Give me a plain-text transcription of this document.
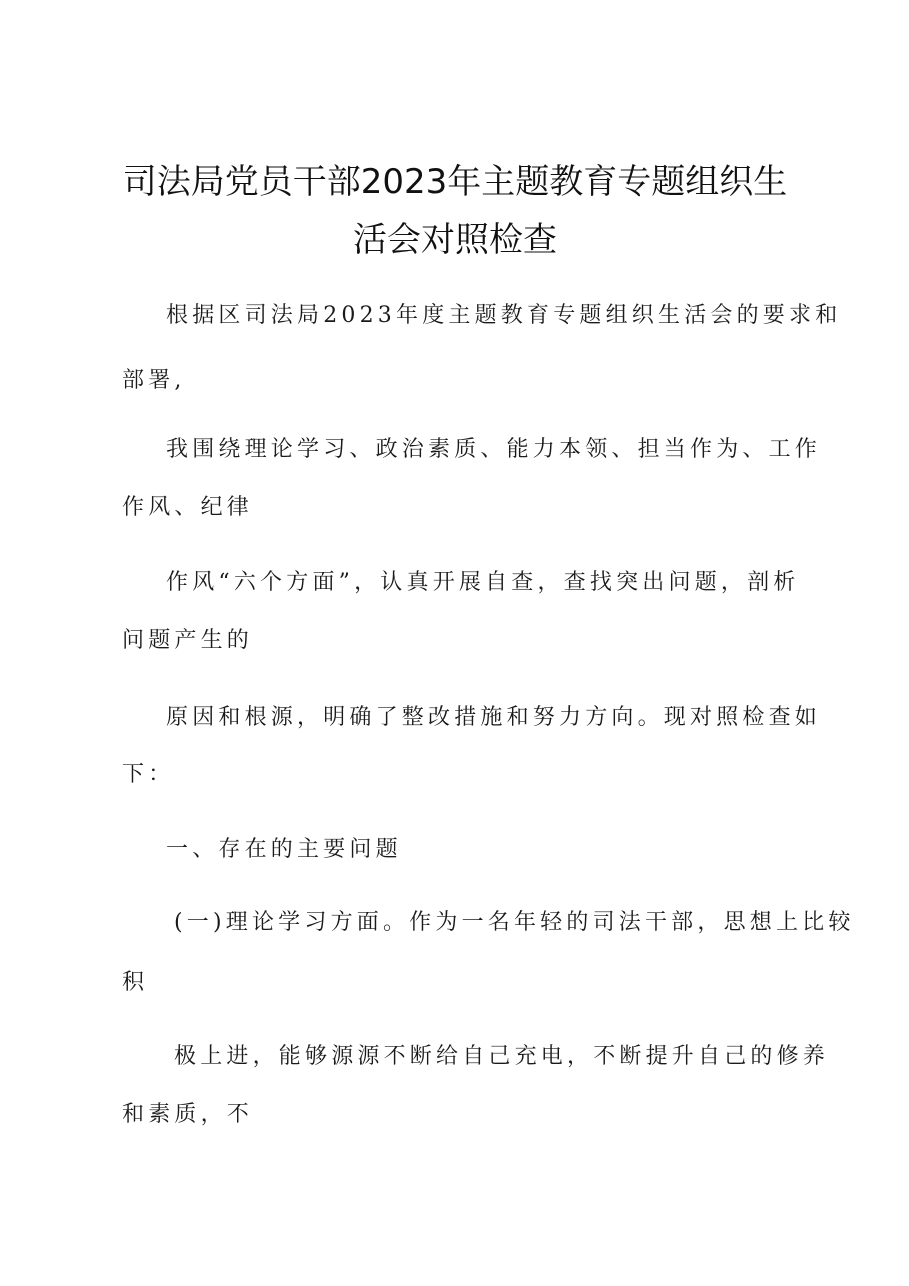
司法局党员干部2023年主题教育专题组织生
活会对照检查
根据区司法局2023年度主题教育专题组织生活会的要求和
部署,
我围绕理论学习、政治素质、能力本领、担当作为、工作
作风、纪律
作风“六个方面”，认真开展自查，查找突出问题，剖析
问题产生的
原因和根源，明确了整改措施和努力方向。现对照检查如
下：
一、存在的主要问题
(一)理论学习方面。作为一名年轻的司法干部，思想上比较
积
极上进，能够源源不断给自己充电，不断提升自己的修养
和素质，不
